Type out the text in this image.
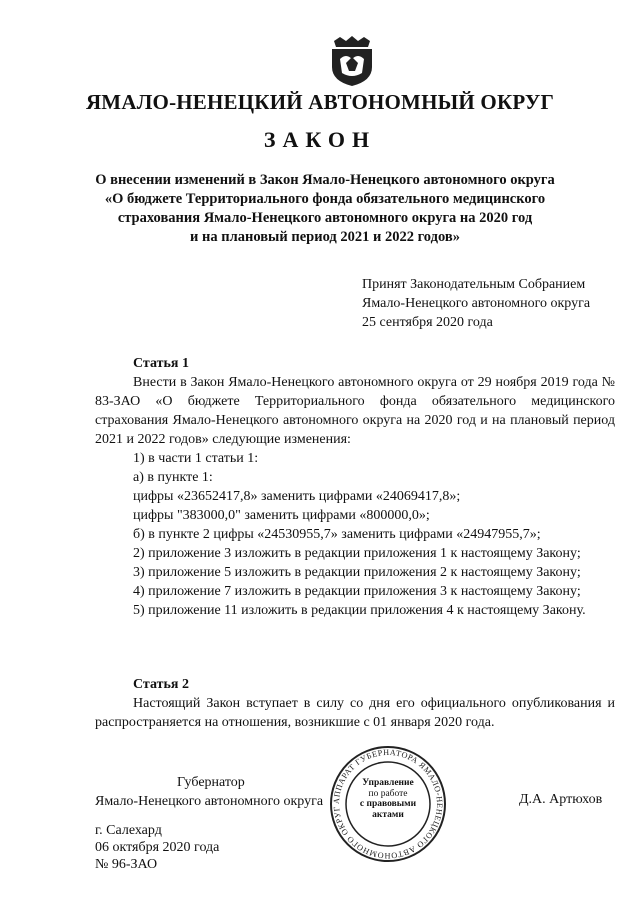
ЯМАЛО-НЕНЕЦКИЙ АВТОНОМНЫЙ ОКРУГ
ЗАКОН
О внесении изменений в Закон Ямало-Ненецкого автономного округа
«О бюджете Территориального фонда обязательного медицинского
страхования Ямало-Ненецкого автономного округа на 2020 год
и на плановый период 2021 и 2022 годов»
Принят Законодательным Собранием
Ямало-Ненецкого автономного округа
25 сентября 2020 года

Статья 1

Внести в Закон Ямало-Ненецкого автономного округа от 29 ноября 2019 года № 83-ЗАО «О бюджете Территориального фонда обязательного медицинского страхования Ямало-Ненецкого автономного округа на 2020 год и на плановый период 2021 и 2022 годов» следующие изменения:

1) в части 1 статьи 1:

а) в пункте 1:

цифры «23652417,8» заменить цифрами «24069417,8»;

цифры "383000,0" заменить цифрами «800000,0»;

б) в пункте 2 цифры «24530955,7» заменить цифрами «24947955,7»;

2) приложение 3 изложить в редакции приложения 1 к настоящему Закону;

3) приложение 5 изложить в редакции приложения 2 к настоящему Закону;

4) приложение 7 изложить в редакции приложения 3 к настоящему Закону;

5) приложение 11 изложить в редакции приложения 4 к настоящему Закону.

Статья 2

Настоящий Закон вступает в силу со дня его официального опубликования и распространяется на отношения, возникшие с 01 января 2020 года.

Губернатор
Ямало-Ненецкого автономного округа	Д.А. Артюхов
г. Салехард
06 октября 2020 года
№ 96-ЗАО
АППАРАТ ГУБЕРНАТОРА ЯМАЛО-НЕНЕЦКОГО АВТОНОМНОГО ОКРУГ
Управление
по работе
с правовыми
актами
